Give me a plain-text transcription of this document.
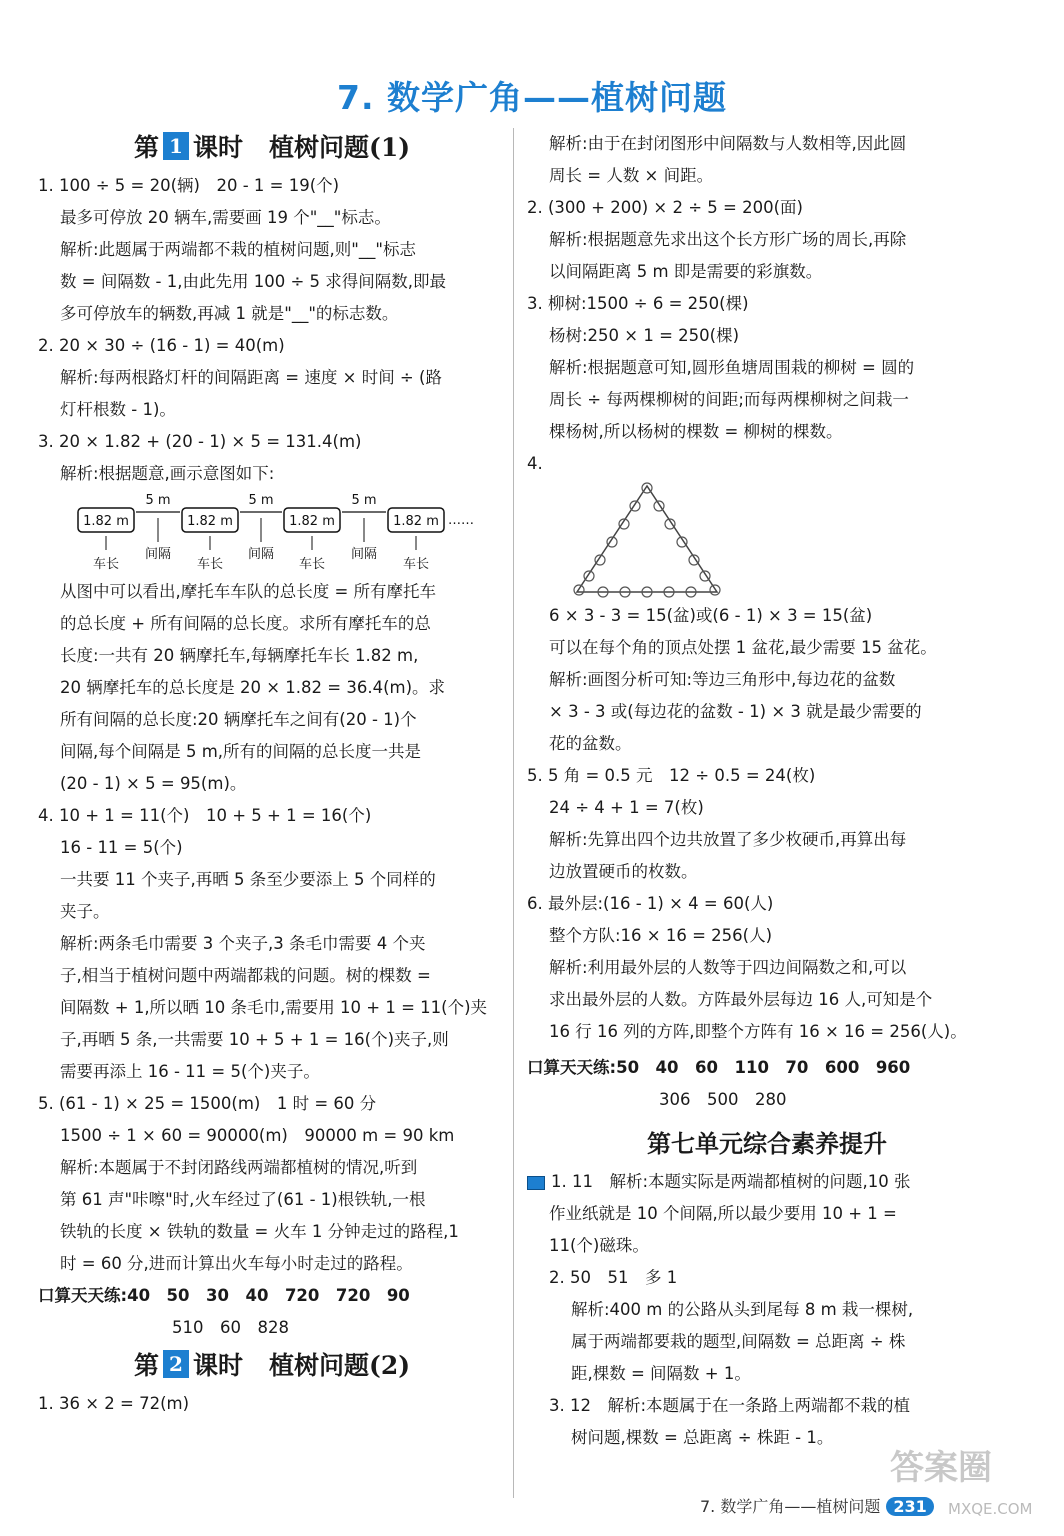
7. 数学广角——植树问题
第 1 课时 植树问题(1)
1. 100 ÷ 5 = 20(辆)　20 - 1 = 19(个)
最多可停放 20 辆车,需要画 19 个"__"标志。
解析:此题属于两端都不栽的植树问题,则"__"标志
数 = 间隔数 - 1,由此先用 100 ÷ 5 求得间隔数,即最
多可停放车的辆数,再减 1 就是"__"的标志数。
2. 20 × 30 ÷ (16 - 1) = 40(m)
解析:每两根路灯杆的间隔距离 = 速度 × 时间 ÷ (路
灯杆根数 - 1)。
3. 20 × 1.82 + (20 - 1) × 5 = 131.4(m)
解析:根据题意,画示意图如下:
1.82 m	1.82 m	1.82 m	1.82 m ……
5 m	5 m	5 m
车长
间隔
车长
间隔
车长
间隔
车长
从图中可以看出,摩托车车队的总长度 = 所有摩托车
的总长度 + 所有间隔的总长度。求所有摩托车的总
长度:一共有 20 辆摩托车,每辆摩托车长 1.82 m,
20 辆摩托车的总长度是 20 × 1.82 = 36.4(m)。求
所有间隔的总长度:20 辆摩托车之间有(20 - 1)个
间隔,每个间隔是 5 m,所有的间隔的总长度一共是
(20 - 1) × 5 = 95(m)。
4. 10 + 1 = 11(个)　10 + 5 + 1 = 16(个)
16 - 11 = 5(个)
一共要 11 个夹子,再晒 5 条至少要添上 5 个同样的
夹子。
解析:两条毛巾需要 3 个夹子,3 条毛巾需要 4 个夹
子,相当于植树问题中两端都栽的问题。树的棵数 =
间隔数 + 1,所以晒 10 条毛巾,需要用 10 + 1 = 11(个)夹
子,再晒 5 条,一共需要 10 + 5 + 1 = 16(个)夹子,则
需要再添上 16 - 11 = 5(个)夹子。
5. (61 - 1) × 25 = 1500(m)　1 时 = 60 分
1500 ÷ 1 × 60 = 90000(m)　90000 m = 90 km
解析:本题属于不封闭路线两端都植树的情况,听到
第 61 声"咔嚓"时,火车经过了(61 - 1)根铁轨,一根
铁轨的长度 × 铁轨的数量 = 火车 1 分钟走过的路程,1
时 = 60 分,进而计算出火车每小时走过的路程。
口算天天练:40　50　30　40　720　720　90
510　60　828
第 2 课时 植树问题(2)
1. 36 × 2 = 72(m)
解析:由于在封闭图形中间隔数与人数相等,因此圆
周长 = 人数 × 间距。
2. (300 + 200) × 2 ÷ 5 = 200(面)
解析:根据题意先求出这个长方形广场的周长,再除
以间隔距离 5 m 即是需要的彩旗数。
3. 柳树:1500 ÷ 6 = 250(棵)
杨树:250 × 1 = 250(棵)
解析:根据题意可知,圆形鱼塘周围栽的柳树 = 圆的
周长 ÷ 每两棵柳树的间距;而每两棵柳树之间栽一
棵杨树,所以杨树的棵数 = 柳树的棵数。
4.
6 × 3 - 3 = 15(盆)或(6 - 1) × 3 = 15(盆)
可以在每个角的顶点处摆 1 盆花,最少需要 15 盆花。
解析:画图分析可知:等边三角形中,每边花的盆数
× 3 - 3 或(每边花的盆数 - 1) × 3 就是最少需要的
花的盆数。
5. 5 角 = 0.5 元　12 ÷ 0.5 = 24(枚)
24 ÷ 4 + 1 = 7(枚)
解析:先算出四个边共放置了多少枚硬币,再算出每
边放置硬币的枚数。
6. 最外层:(16 - 1) × 4 = 60(人)
整个方队:16 × 16 = 256(人)
解析:利用最外层的人数等于四边间隔数之和,可以
求出最外层的人数。方阵最外层每边 16 人,可知是个
16 行 16 列的方阵,即整个方阵有 16 × 16 = 256(人)。
口算天天练:50　40　60　110　70　600　960
306　500　280
第七单元综合素养提升
1. 11　解析:本题实际是两端都植树的问题,10 张
作业纸就是 10 个间隔,所以最少要用 10 + 1 =
11(个)磁珠。
2. 50　51　多 1
解析:400 m 的公路从头到尾每 8 m 栽一棵树,
属于两端都要栽的题型,间隔数 = 总距离 ÷ 株
距,棵数 = 间隔数 + 1。
3. 12　解析:本题属于在一条路上两端都不栽的植
树问题,棵数 = 总距离 ÷ 株距 - 1。
7. 数学广角——植树问题 231
答案圈
MXQE.COM
